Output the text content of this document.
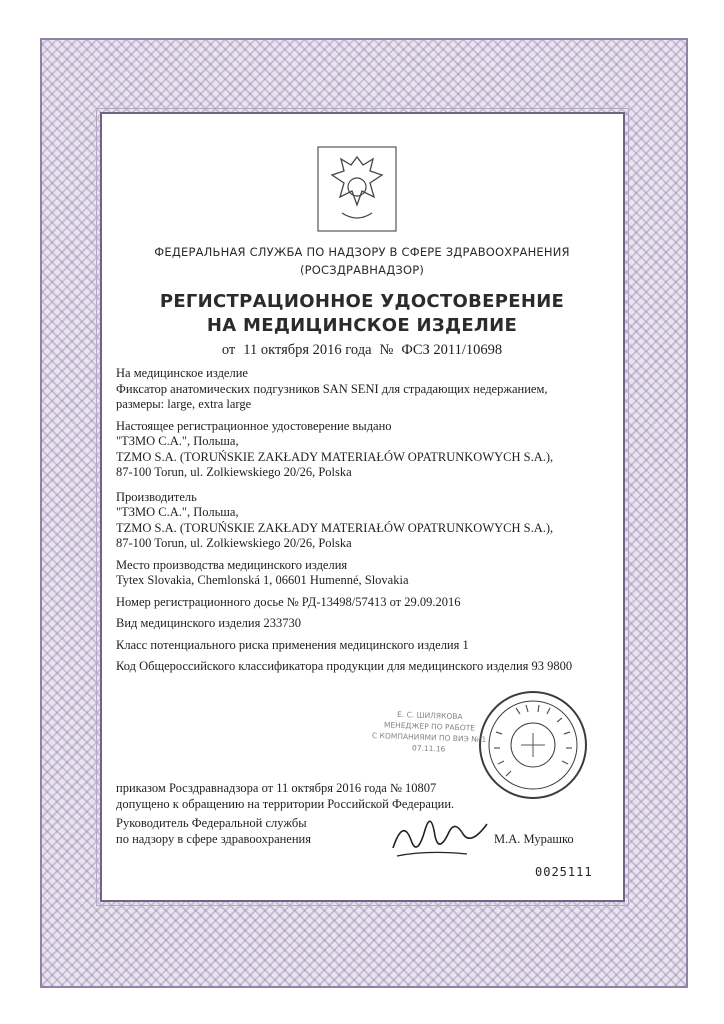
ФЕДЕРАЛЬНАЯ СЛУЖБА ПО НАДЗОРУ В СФЕРЕ ЗДРАВООХРАНЕНИЯ
(РОСЗДРАВНАДЗОР)
РЕГИСТРАЦИОННОЕ УДОСТОВЕРЕНИЕ
НА МЕДИЦИНСКОЕ ИЗДЕЛИЕ
от 11 октября 2016 года № ФСЗ 2011/10698
На медицинское изделие
Фиксатор анатомических подгузников SAN SENI для страдающих недержанием,
размеры: large, extra large
Настоящее регистрационное удостоверение выдано
"ТЗМО С.А.", Польша,
TZMO S.A. (TORUŃSKIE ZAKŁADY MATERIAŁÓW OPATRUNKOWYCH S.A.),
87-100 Torun, ul. Zolkiewskiego 20/26, Polska
Производитель
"ТЗМО С.А.", Польша,
TZMO S.A. (TORUŃSKIE ZAKŁADY MATERIAŁÓW OPATRUNKOWYCH S.A.),
87-100 Torun, ul. Zolkiewskiego 20/26, Polska
Место производства медицинского изделия
Tytex Slovakia, Chemlonská 1, 06601 Humenné, Slovakia
Номер регистрационного досье № РД-13498/57413 от 29.09.2016
Вид медицинского изделия 233730
Класс потенциального риска применения медицинского изделия 1
Код Общероссийского классификатора продукции для медицинского изделия 93 9800
Е. С. ШИЛЯКОВА
МЕНЕДЖЕР ПО РАБОТЕ
С КОМПАНИЯМИ ПО ВИЭ № 1
07.11.16
приказом Росздравнадзора от 11 октября 2016 года № 10807
допущено к обращению на территории Российской Федерации.
Руководитель Федеральной службы
по надзору в сфере здравоохранения	М.А. Мурашко
0025111
